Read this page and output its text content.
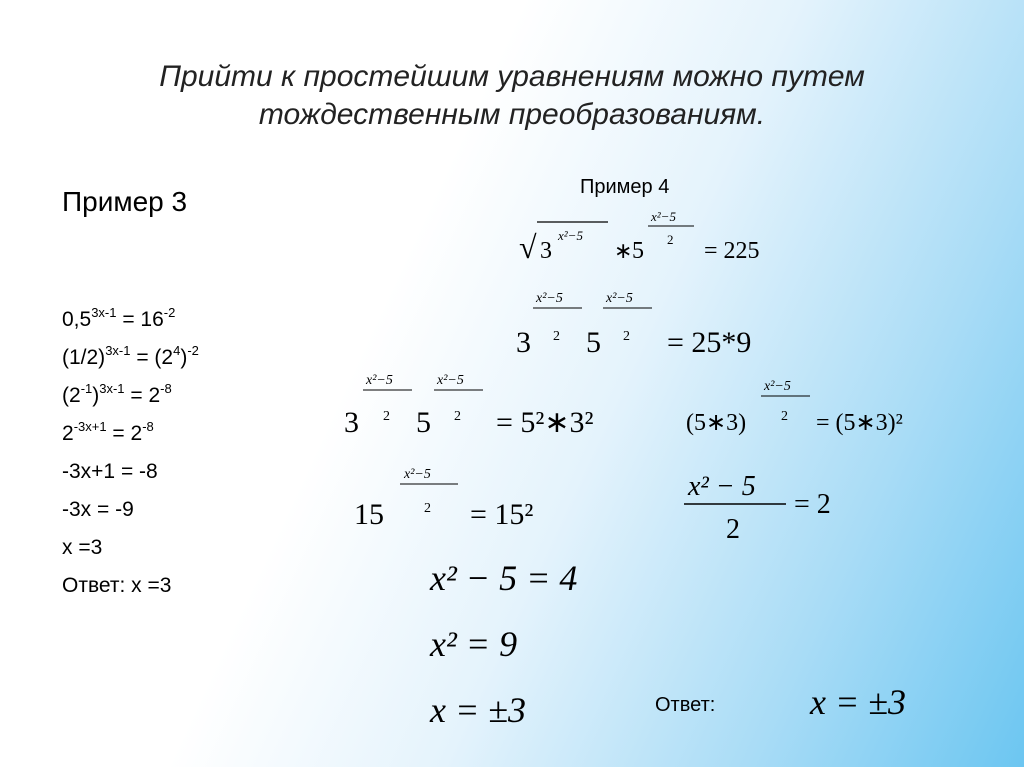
Прийти к простейшим уравнениям можно путем
тождественным преобразованиям.
Пример 3
$0,5^{3x-1} = 16^{-2}$
$(1/2)^{3x-1} = (2^4)^{-2}$
$(2^{-1})^{3x-1} = 2^{-8}$
$2^{-3x+1} = 2^{-8}$
-3x+1 = -8
-3x = -9
x =3
Ответ: x =3
Пример 4
√ 3
x²−5
∗ 5
x²−5
2 = 225
3
x²−5
2 5
x²−5
2 = 25*9
3
x²−5
2 5
x²−5
2 = 5²∗3²	(5∗3)
x²−5
2 = (5∗3)²
15
x²−5
2 = 15²
x² − 5
2
= 2
x² − 5 = 4
x² = 9
x = ±3	x = ±3
Ответ:
